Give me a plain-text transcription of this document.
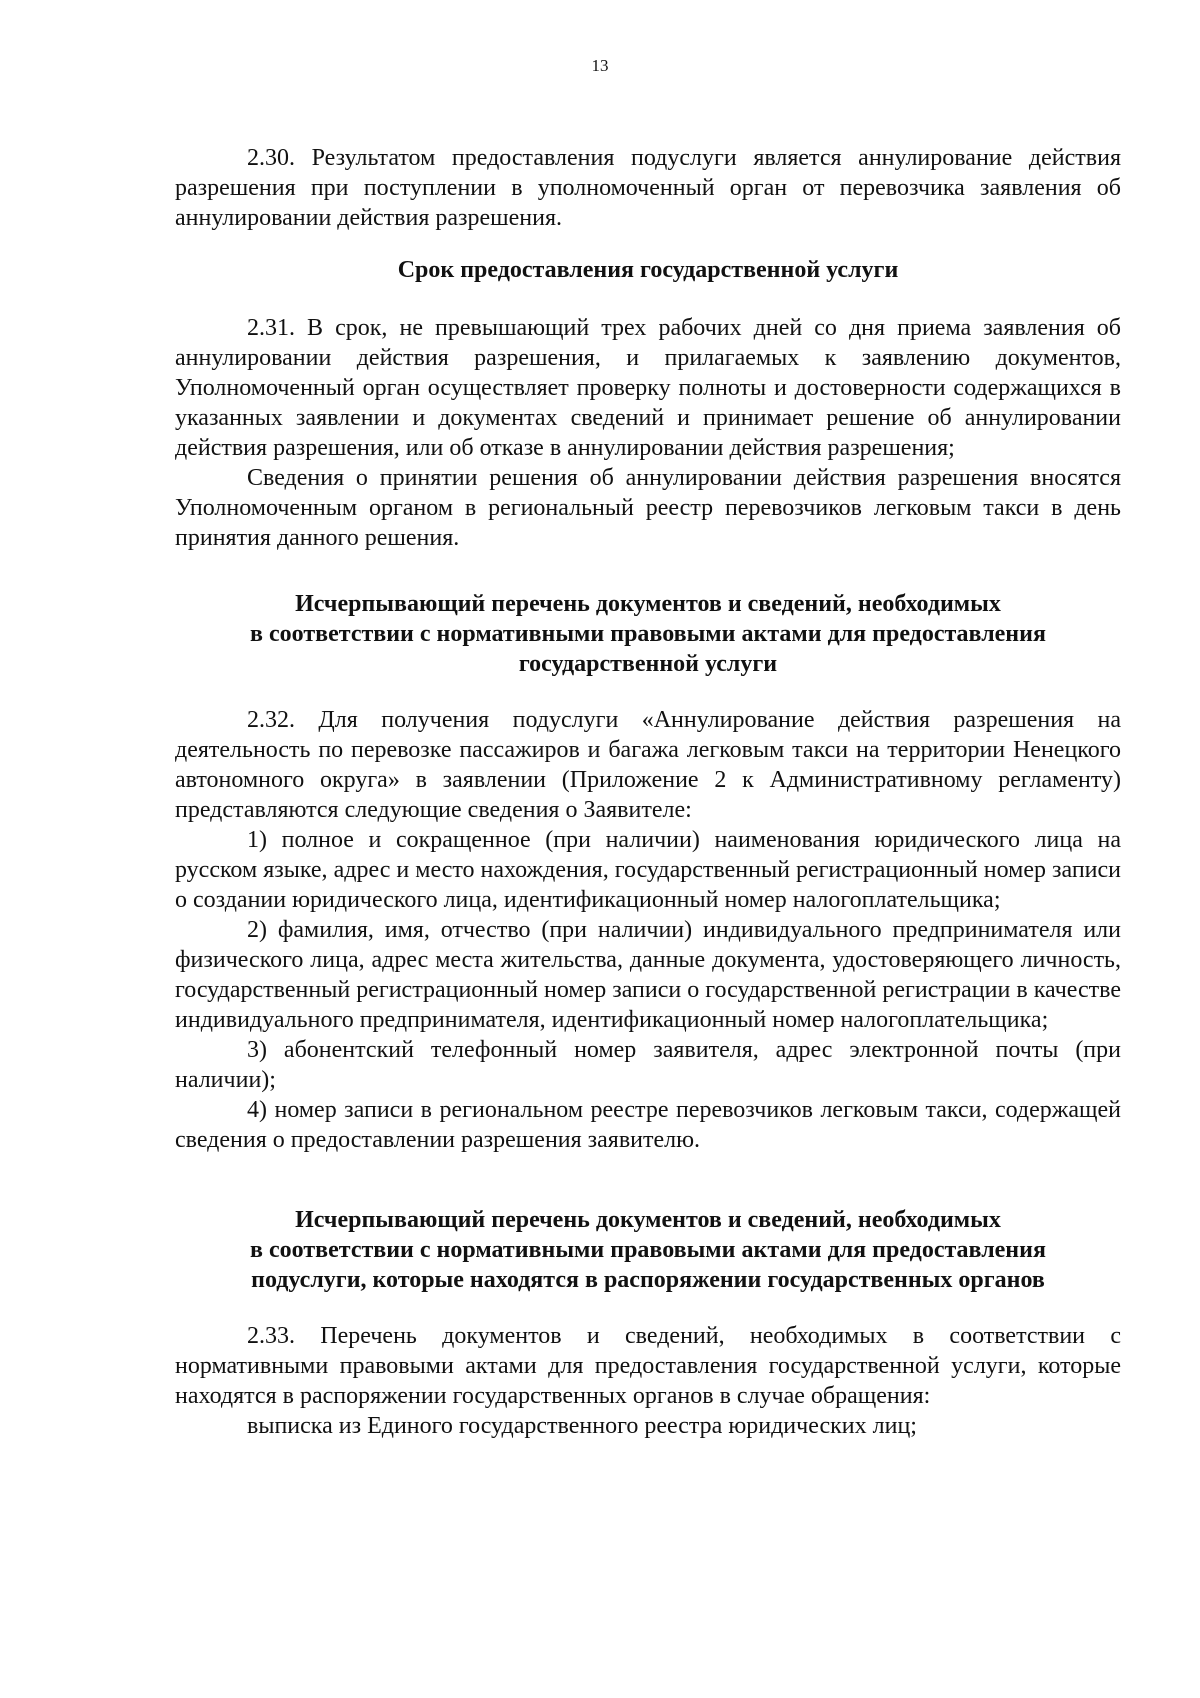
13

2.30. Результатом предоставления подуслуги является аннулирование действия разрешения при поступлении в уполномоченный орган от перевозчика заявления об аннулировании действия разрешения.

Срок предоставления государственной услуги

2.31. В срок, не превышающий трех рабочих дней со дня приема заявления об аннулировании действия разрешения, и прилагаемых к заявлению документов, Уполномоченный орган осуществляет проверку полноты и достоверности содержащихся в указанных заявлении и документах сведений и принимает решение об аннулировании действия разрешения, или об отказе в аннулировании действия разрешения;

Сведения о принятии решения об аннулировании действия разрешения вносятся Уполномоченным органом в региональный реестр перевозчиков легковым такси в день принятия данного решения.

Исчерпывающий перечень документов и сведений, необходимых

в соответствии с нормативными правовыми актами для предоставления

государственной услуги

2.32. Для получения подуслуги «Аннулирование действия разрешения на деятельность по перевозке пассажиров и багажа легковым такси на территории Ненецкого автономного округа» в заявлении (Приложение 2 к Административному регламенту) представляются следующие сведения о Заявителе:

1) полное и сокращенное (при наличии) наименования юридического лица на русском языке, адрес и место нахождения, государственный регистрационный номер записи о создании юридического лица, идентификационный номер налогоплательщика;

2) фамилия, имя, отчество (при наличии) индивидуального предпринимателя или физического лица, адрес места жительства, данные документа, удостоверяющего личность, государственный регистрационный номер записи о государственной регистрации в качестве индивидуального предпринимателя, идентификационный номер налогоплательщика;

3) абонентский телефонный номер заявителя, адрес электронной почты (при наличии);

4) номер записи в региональном реестре перевозчиков легковым такси, содержащей сведения о предоставлении разрешения заявителю.

Исчерпывающий перечень документов и сведений, необходимых

в соответствии с нормативными правовыми актами для предоставления

подуслуги, которые находятся в распоряжении государственных органов

2.33. Перечень документов и сведений, необходимых в соответствии с нормативными правовыми актами для предоставления государственной услуги, которые находятся в распоряжении государственных органов в случае обращения:

выписка из Единого государственного реестра юридических лиц;
